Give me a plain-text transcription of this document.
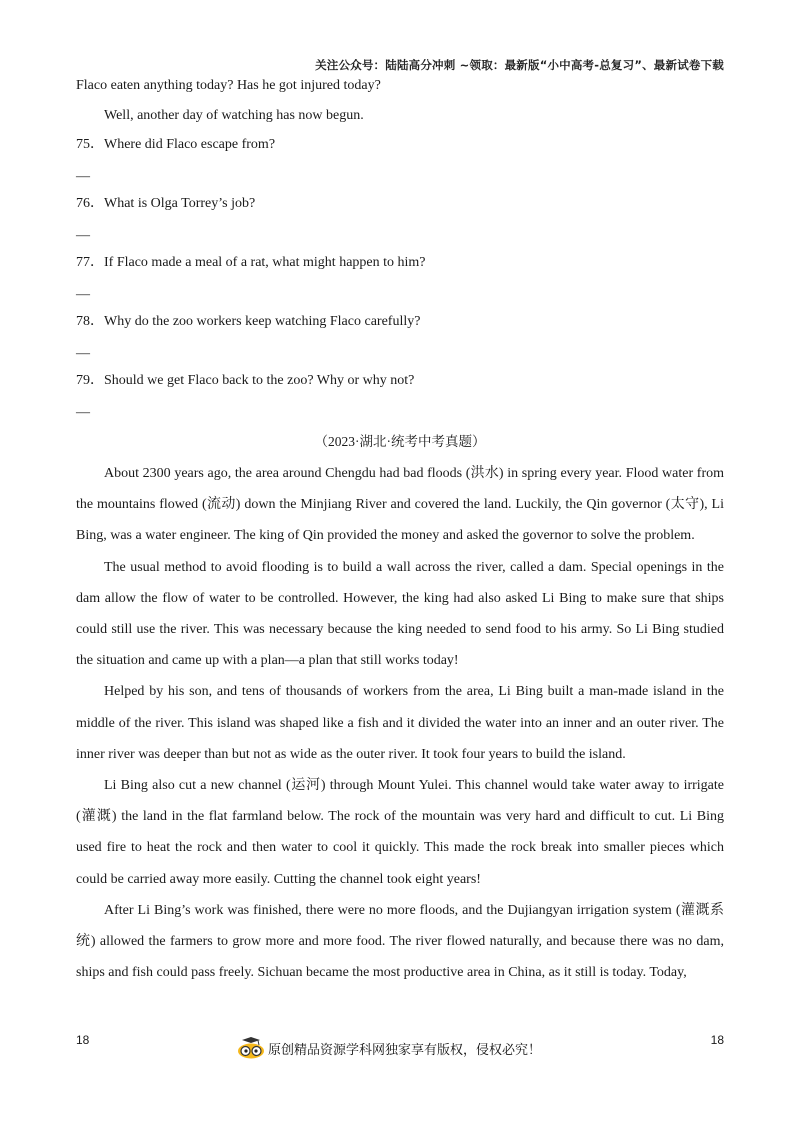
关注公众号：陆陆高分冲刺 ~领取：最新版“小中高考-总复习”、最新试卷下载

Flaco eaten anything today? Has he got injured today?

Well, another day of watching has now begun.

75．Where did Flaco escape from?

—

76．What is Olga Torrey’s job?

—

77．If Flaco made a meal of a rat, what might happen to him?

—

78．Why do the zoo workers keep watching Flaco carefully?

—

79．Should we get Flaco back to the zoo? Why or why not?

—

（2023·湖北·统考中考真题）

About 2300 years ago, the area around Chengdu had bad floods (洪水) in spring every year. Flood water from the mountains flowed (流动) down the Minjiang River and covered the land. Luckily, the Qin governor (太守), Li Bing, was a water engineer. The king of Qin provided the money and asked the governor to solve the problem.

The usual method to avoid flooding is to build a wall across the river, called a dam. Special openings in the dam allow the flow of water to be controlled. However, the king had also asked Li Bing to make sure that ships could still use the river. This was necessary because the king needed to send food to his army. So Li Bing studied the situation and came up with a plan—a plan that still works today!

Helped by his son, and tens of thousands of workers from the area, Li Bing built a man-made island in the middle of the river. This island was shaped like a fish and it divided the water into an inner and an outer river. The inner river was deeper than but not as wide as the outer river. It took four years to build the island.

Li Bing also cut a new channel (运河) through Mount Yulei. This channel would take water away to irrigate (灌溉) the land in the flat farmland below. The rock of the mountain was very hard and difficult to cut. Li Bing used fire to heat the rock and then water to cool it quickly. This made the rock break into smaller pieces which could be carried away more easily. Cutting the channel took eight years!

After Li Bing’s work was finished, there were no more floods, and the Dujiangyan irrigation system (灌溉系统) allowed the farmers to grow more and more food. The river flowed naturally, and because there was no dam, ships and fish could pass freely. Sichuan became the most productive area in China, as it still is today. Today,

18
原创精品资源学科网独家享有版权，侵权必究！
18
